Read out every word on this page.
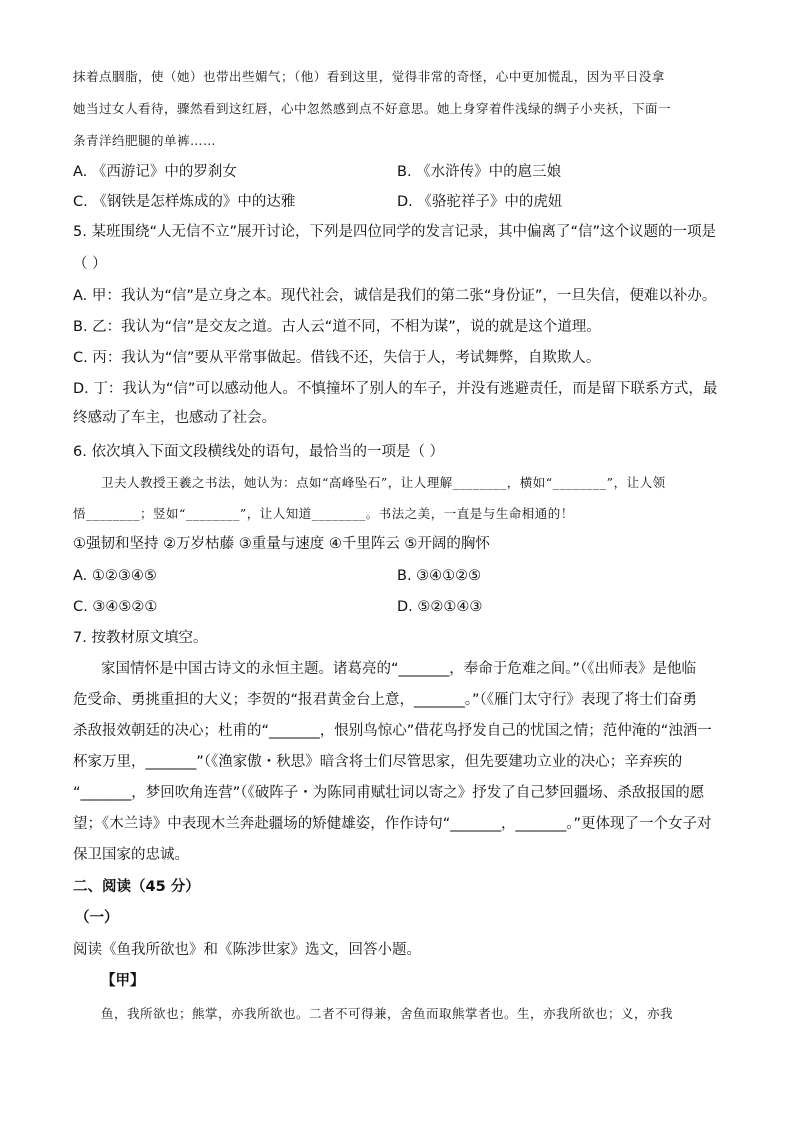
抹着点胭脂，使（她）也带出些媚气；（他）看到这里，觉得非常的奇怪，心中更加慌乱，因为平日没拿
她当过女人看待，骤然看到这红唇，心中忽然感到点不好意思。她上身穿着件浅绿的绸子小夹袄，下面一
条青洋绉肥腿的单裤……
A. 《西游记》中的罗刹女	B. 《水浒传》中的扈三娘
C. 《钢铁是怎样炼成的》中的达雅	D. 《骆驼祥子》中的虎妞
5. 某班围绕“人无信不立”展开讨论，下列是四位同学的发言记录，其中偏离了“信”这个议题的一项是
（ ）
A. 甲：我认为“信”是立身之本。现代社会，诚信是我们的第二张“身份证”，一旦失信，便难以补办。
B. 乙：我认为“信”是交友之道。古人云“道不同，不相为谋”，说的就是这个道理。
C. 丙：我认为“信”要从平常事做起。借钱不还，失信于人，考试舞弊，自欺欺人。
D. 丁：我认为“信”可以感动他人。不慎撞坏了别人的车子，并没有逃避责任，而是留下联系方式，最
终感动了车主，也感动了社会。
6. 依次填入下面文段横线处的语句，最恰当的一项是（ ）
卫夫人教授王羲之书法，她认为：点如“高峰坠石”，让人理解________，横如“________”，让人领
悟________；竖如“________”，让人知道________。书法之美，一直是与生命相通的！
①强韧和坚持 ②万岁枯藤 ③重量与速度 ④千里阵云 ⑤开阔的胸怀
A. ①②③④⑤	B. ③④①②⑤
C. ③④⑤②①	D. ⑤②①④③
7. 按教材原文填空。
家国情怀是中国古诗文的永恒主题。诸葛亮的“_______，奉命于危难之间。”（《出师表》是他临
危受命、勇挑重担的大义；李贺的“报君黄金台上意，_______。”（《雁门太守行》表现了将士们奋勇
杀敌报效朝廷的决心；杜甫的“_______，恨别鸟惊心”借花鸟抒发自己的忧国之情；范仲淹的“浊酒一
杯家万里，_______”（《渔家傲・秋思》暗含将士们尽管思家，但先要建功立业的决心；辛弃疾的
“_______，梦回吹角连营”（《破阵子・为陈同甫赋壮词以寄之》抒发了自己梦回疆场、杀敌报国的愿
望；《木兰诗》中表现木兰奔赴疆场的矫健雄姿，作作诗句“_______，_______。”更体现了一个女子对
保卫国家的忠诚。
二、阅读（45 分）
（一）
阅读《鱼我所欲也》和《陈涉世家》选文，回答小题。
【甲】
鱼，我所欲也；熊掌，亦我所欲也。二者不可得兼，舍鱼而取熊掌者也。生，亦我所欲也；义，亦我
